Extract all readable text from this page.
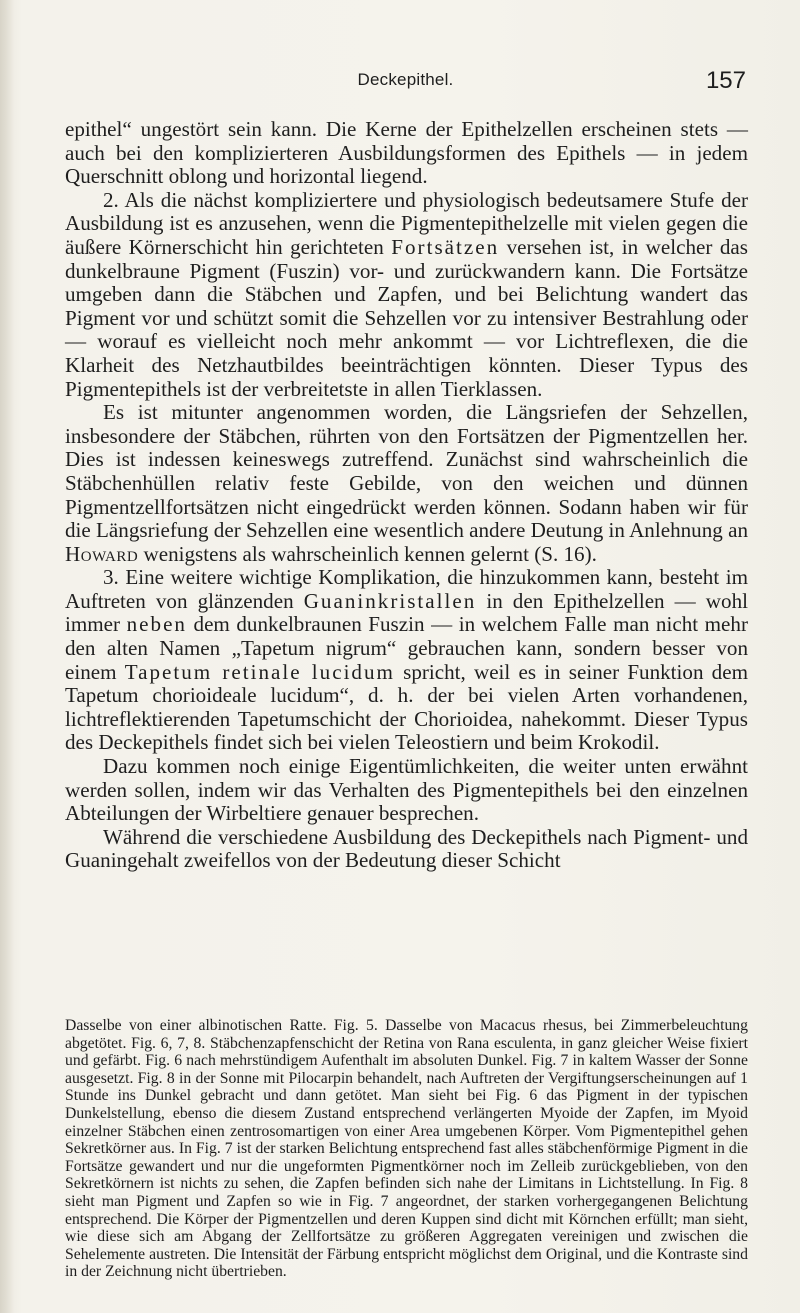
Deckepithel.	157

epithel“ ungestört sein kann. Die Kerne der Epithelzellen erscheinen stets — auch bei den komplizierteren Ausbildungsformen des Epithels — in jedem Querschnitt oblong und horizontal liegend.

2. Als die nächst kompliziertere und physiologisch bedeutsamere Stufe der Ausbildung ist es anzusehen, wenn die Pigmentepithelzelle mit vielen gegen die äußere Körnerschicht hin gerichteten Fortsätzen versehen ist, in welcher das dunkelbraune Pigment (Fuszin) vor- und zurückwandern kann. Die Fortsätze umgeben dann die Stäbchen und Zapfen, und bei Belichtung wandert das Pigment vor und schützt somit die Sehzellen vor zu intensiver Bestrahlung oder — worauf es vielleicht noch mehr ankommt — vor Lichtreflexen, die die Klarheit des Netzhautbildes beeinträchtigen könnten. Dieser Typus des Pigmentepithels ist der verbreitetste in allen Tierklassen.

Es ist mitunter angenommen worden, die Längsriefen der Sehzellen, insbesondere der Stäbchen, rührten von den Fortsätzen der Pigmentzellen her. Dies ist indessen keineswegs zutreffend. Zunächst sind wahrscheinlich die Stäbchenhüllen relativ feste Gebilde, von den weichen und dünnen Pigmentzellfortsätzen nicht eingedrückt werden können. Sodann haben wir für die Längsriefung der Sehzellen eine wesentlich andere Deutung in Anlehnung an Howard wenigstens als wahrscheinlich kennen gelernt (S. 16).

3. Eine weitere wichtige Komplikation, die hinzukommen kann, besteht im Auftreten von glänzenden Guaninkristallen in den Epithelzellen — wohl immer neben dem dunkelbraunen Fuszin — in welchem Falle man nicht mehr den alten Namen „Tapetum nigrum“ gebrauchen kann, sondern besser von einem Tapetum retinale lucidum spricht, weil es in seiner Funktion dem Tapetum chorioideale lucidum“, d. h. der bei vielen Arten vorhandenen, lichtreflektierenden Tapetumschicht der Chorioidea, nahekommt. Dieser Typus des Deckepithels findet sich bei vielen Teleostiern und beim Krokodil.

Dazu kommen noch einige Eigentümlichkeiten, die weiter unten erwähnt werden sollen, indem wir das Verhalten des Pigmentepithels bei den einzelnen Abteilungen der Wirbeltiere genauer besprechen.

Während die verschiedene Ausbildung des Deckepithels nach Pigment- und Guaningehalt zweifellos von der Bedeutung dieser Schicht

Dasselbe von einer albinotischen Ratte. Fig. 5. Dasselbe von Macacus rhesus, bei Zimmerbeleuchtung abgetötet. Fig. 6, 7, 8. Stäbchenzapfenschicht der Retina von Rana esculenta, in ganz gleicher Weise fixiert und gefärbt. Fig. 6 nach mehrstündigem Aufenthalt im absoluten Dunkel. Fig. 7 in kaltem Wasser der Sonne ausgesetzt. Fig. 8 in der Sonne mit Pilocarpin behandelt, nach Auftreten der Vergiftungserscheinungen auf 1 Stunde ins Dunkel gebracht und dann getötet. Man sieht bei Fig. 6 das Pigment in der typischen Dunkelstellung, ebenso die diesem Zustand entsprechend verlängerten Myoide der Zapfen, im Myoid einzelner Stäbchen einen zentrosomartigen von einer Area umgebenen Körper. Vom Pigmentepithel gehen Sekretkörner aus. In Fig. 7 ist der starken Belichtung entsprechend fast alles stäbchenförmige Pigment in die Fortsätze gewandert und nur die ungeformten Pigmentkörner noch im Zelleib zurückgeblieben, von den Sekretkörnern ist nichts zu sehen, die Zapfen befinden sich nahe der Limitans in Lichtstellung. In Fig. 8 sieht man Pigment und Zapfen so wie in Fig. 7 angeordnet, der starken vorhergegangenen Belichtung entsprechend. Die Körper der Pigmentzellen und deren Kuppen sind dicht mit Körnchen erfüllt; man sieht, wie diese sich am Abgang der Zellfortsätze zu größeren Aggregaten vereinigen und zwischen die Sehelemente austreten. Die Intensität der Färbung entspricht möglichst dem Original, und die Kontraste sind in der Zeichnung nicht übertrieben.
